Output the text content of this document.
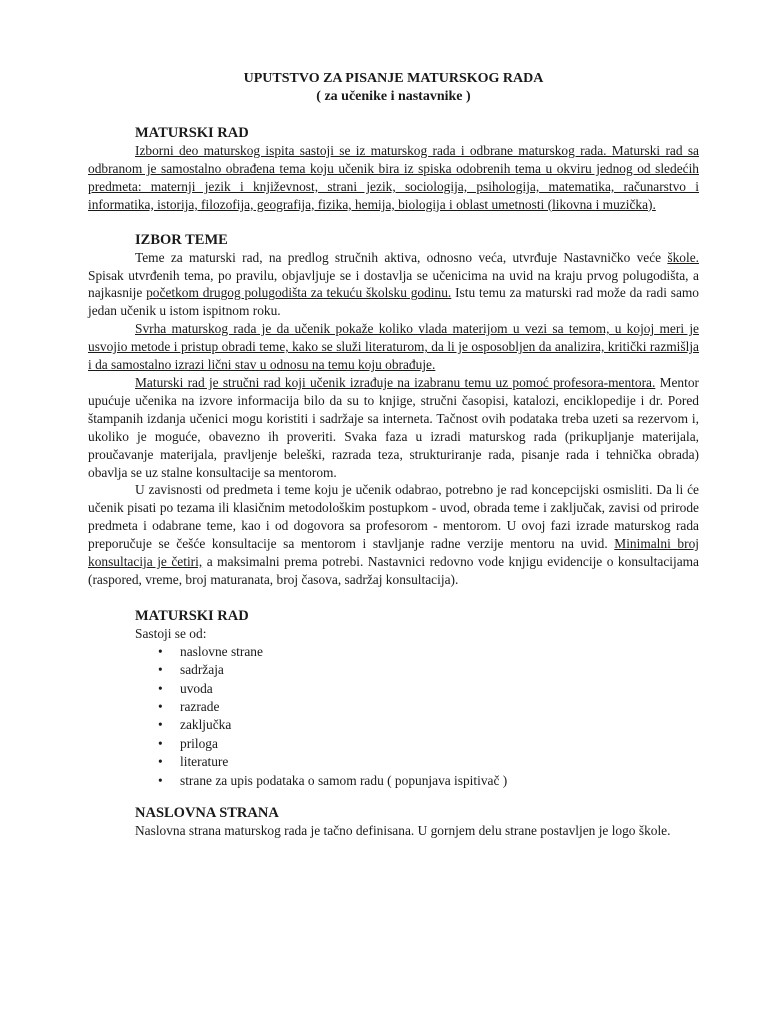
UPUTSTVO ZA PISANJE MATURSKOG RADA
( za učenike i nastavnike )
MATURSKI RAD

Izborni deo maturskog ispita sastoji se iz maturskog rada i odbrane maturskog rada. Maturski rad sa odbranom je samostalno obrađena tema koju učenik bira iz spiska odobrenih tema u okviru jednog od sledećih predmeta: maternji jezik i književnost, strani jezik, sociologija, psihologija, matematika, računarstvo i informatika, istorija, filozofija, geografija, fizika, hemija, biologija i oblast umetnosti (likovna i muzička).

IZBOR TEME

Teme za maturski rad, na predlog stručnih aktiva, odnosno veća, utvrđuje Nastavničko veće škole. Spisak utvrđenih tema, po pravilu, objavljuje se i dostavlja se učenicima na uvid na kraju prvog polugodišta, a najkasnije početkom drugog polugodišta za tekuću školsku godinu. Istu temu za maturski rad može da radi samo jedan učenik u istom ispitnom roku.

Svrha maturskog rada je da učenik pokaže koliko vlada materijom u vezi sa temom, u kojoj meri je usvojio metode i pristup obradi teme, kako se služi literaturom, da li je osposobljen da analizira, kritički razmišlja i da samostalno izrazi lični stav u odnosu na temu koju obrađuje.

Maturski rad je stručni rad koji učenik izrađuje na izabranu temu uz pomoć profesora-mentora. Mentor upućuje učenika na izvore informacija bilo da su to knjige, stručni časopisi, katalozi, enciklopedije i dr. Pored štampanih izdanja učenici mogu koristiti i sadržaje sa interneta. Tačnost ovih podataka treba uzeti sa rezervom i, ukoliko je moguće, obavezno ih proveriti. Svaka faza u izradi maturskog rada (prikupljanje materijala, proučavanje materijala, pravljenje beleški, razrada teza, strukturiranje rada, pisanje rada i tehnička obrada) obavlja se uz stalne konsultacije sa mentorom.

U zavisnosti od predmeta i teme koju je učenik odabrao, potrebno je rad koncepcijski osmisliti. Da li će učenik pisati po tezama ili klasičnim metodološkim postupkom - uvod, obrada teme i zaključak, zavisi od prirode predmeta i odabrane teme, kao i od dogovora sa profesorom - mentorom. U ovoj fazi izrade maturskog rada preporučuje se češće konsultacije sa mentorom i stavljanje radne verzije mentoru na uvid. Minimalni broj konsultacija je četiri, a maksimalni prema potrebi. Nastavnici redovno vode knjigu evidencije o konsultacijama (raspored, vreme, broj maturanata, broj časova, sadržaj konsultacija).

MATURSKI RAD

Sastoji se od:

• naslovne strane
• sadržaja
• uvoda
• razrade
• zaključka
• priloga
• literature
• strane za upis podataka o samom radu ( popunjava ispitivač )
NASLOVNA STRANA

Naslovna strana maturskog rada je tačno definisana. U gornjem delu strane postavljen je logo škole.
